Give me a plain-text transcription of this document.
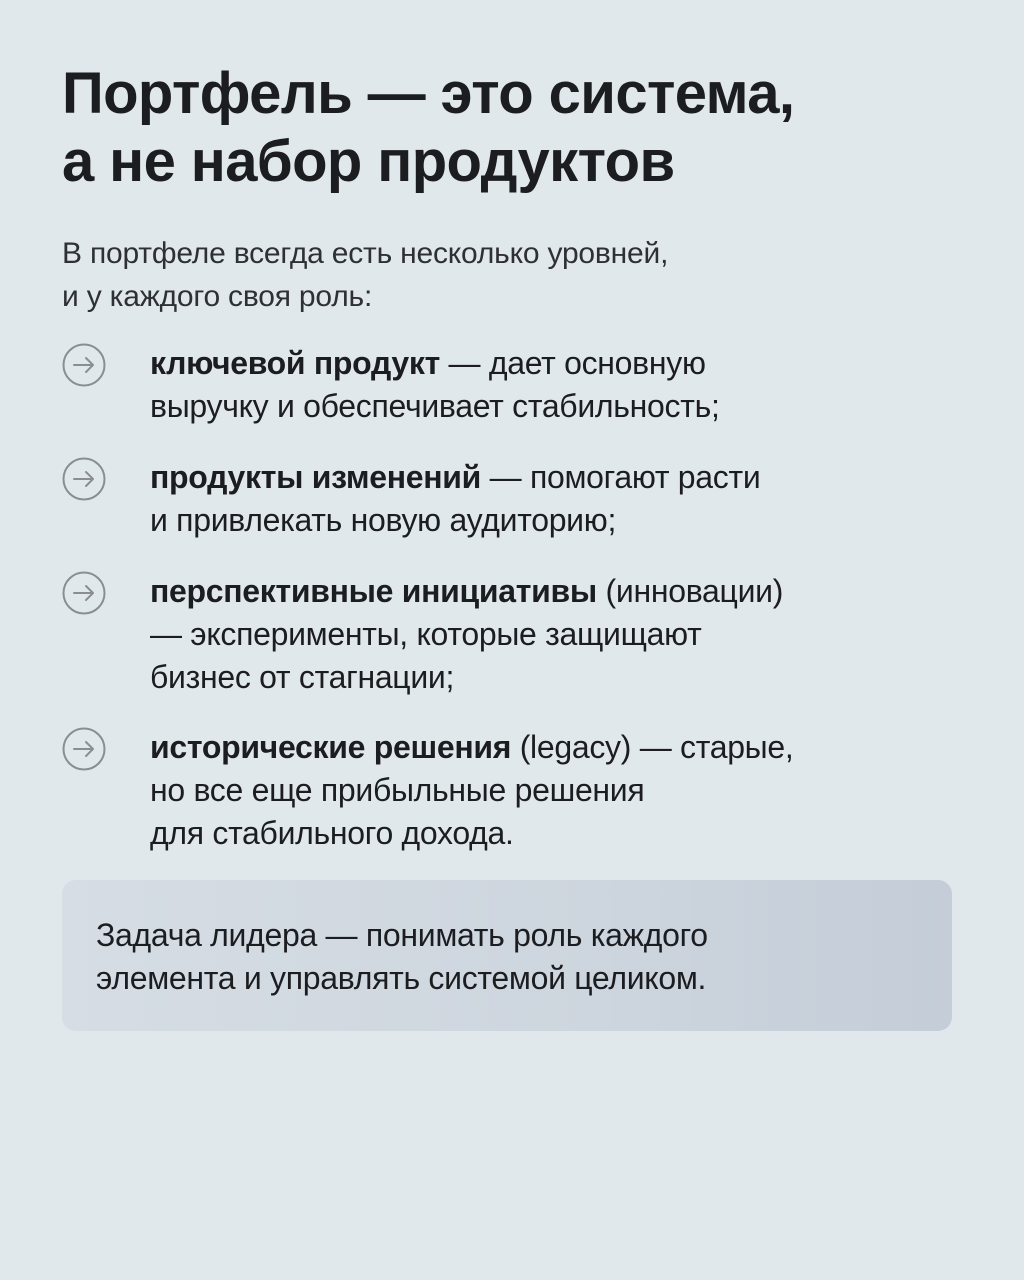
Портфель — это система,
а не набор продуктов

В портфеле всегда есть несколько уровней,
и у каждого своя роль:

ключевой продукт — дает основную
выручку и обеспечивает стабильность;
продукты изменений — помогают расти
и привлекать новую аудиторию;
перспективные инициативы (инновации)
— эксперименты, которые защищают
бизнес от стагнации;
исторические решения (legacy) — старые,
но все еще прибыльные решения
для стабильного дохода.
Задача лидера — понимать роль каждого
элемента и управлять системой целиком.
